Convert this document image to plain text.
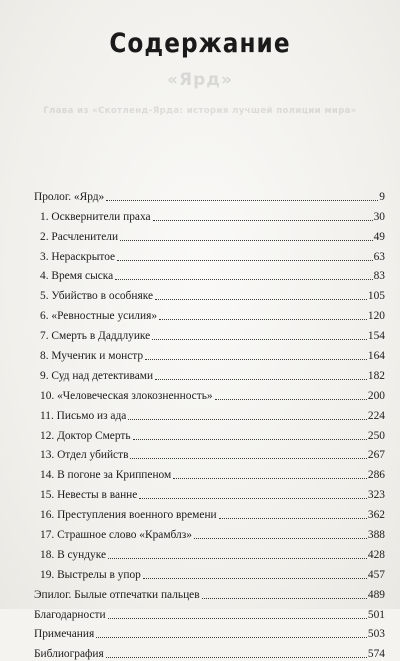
Содержание
«Ярд»
Глава из «Скотленд-Ярда: история лучшей полиции мира»
Пролог. «Ярд»	9
1. Осквернители праха	30
2. Расчленители	49
3. Нераскрытое	63
4. Время сыска	83
5. Убийство в особняке	105
6. «Ревностные усилия»	120
7. Смерть в Даддлуике	154
8. Мучеҥик и монстр	164
9. Суд над детективами	182
10. «Человеческая злокозненность»	200
11. Письмо из ада	224
12. Доктор Смерть	250
13. Отдел убийств	267
14. В погоне за Криппеном	286
15. Невесты в ванне	323
16. Преступления военного времени	362
17. Страшное слово «Крамблз»	388
18. В сундуке	428
19. Выстрелы в упор	457
Эпилог. Былые отпечатки пальцев	489
Благодарности	501
Примечания	503
Библиография	574
